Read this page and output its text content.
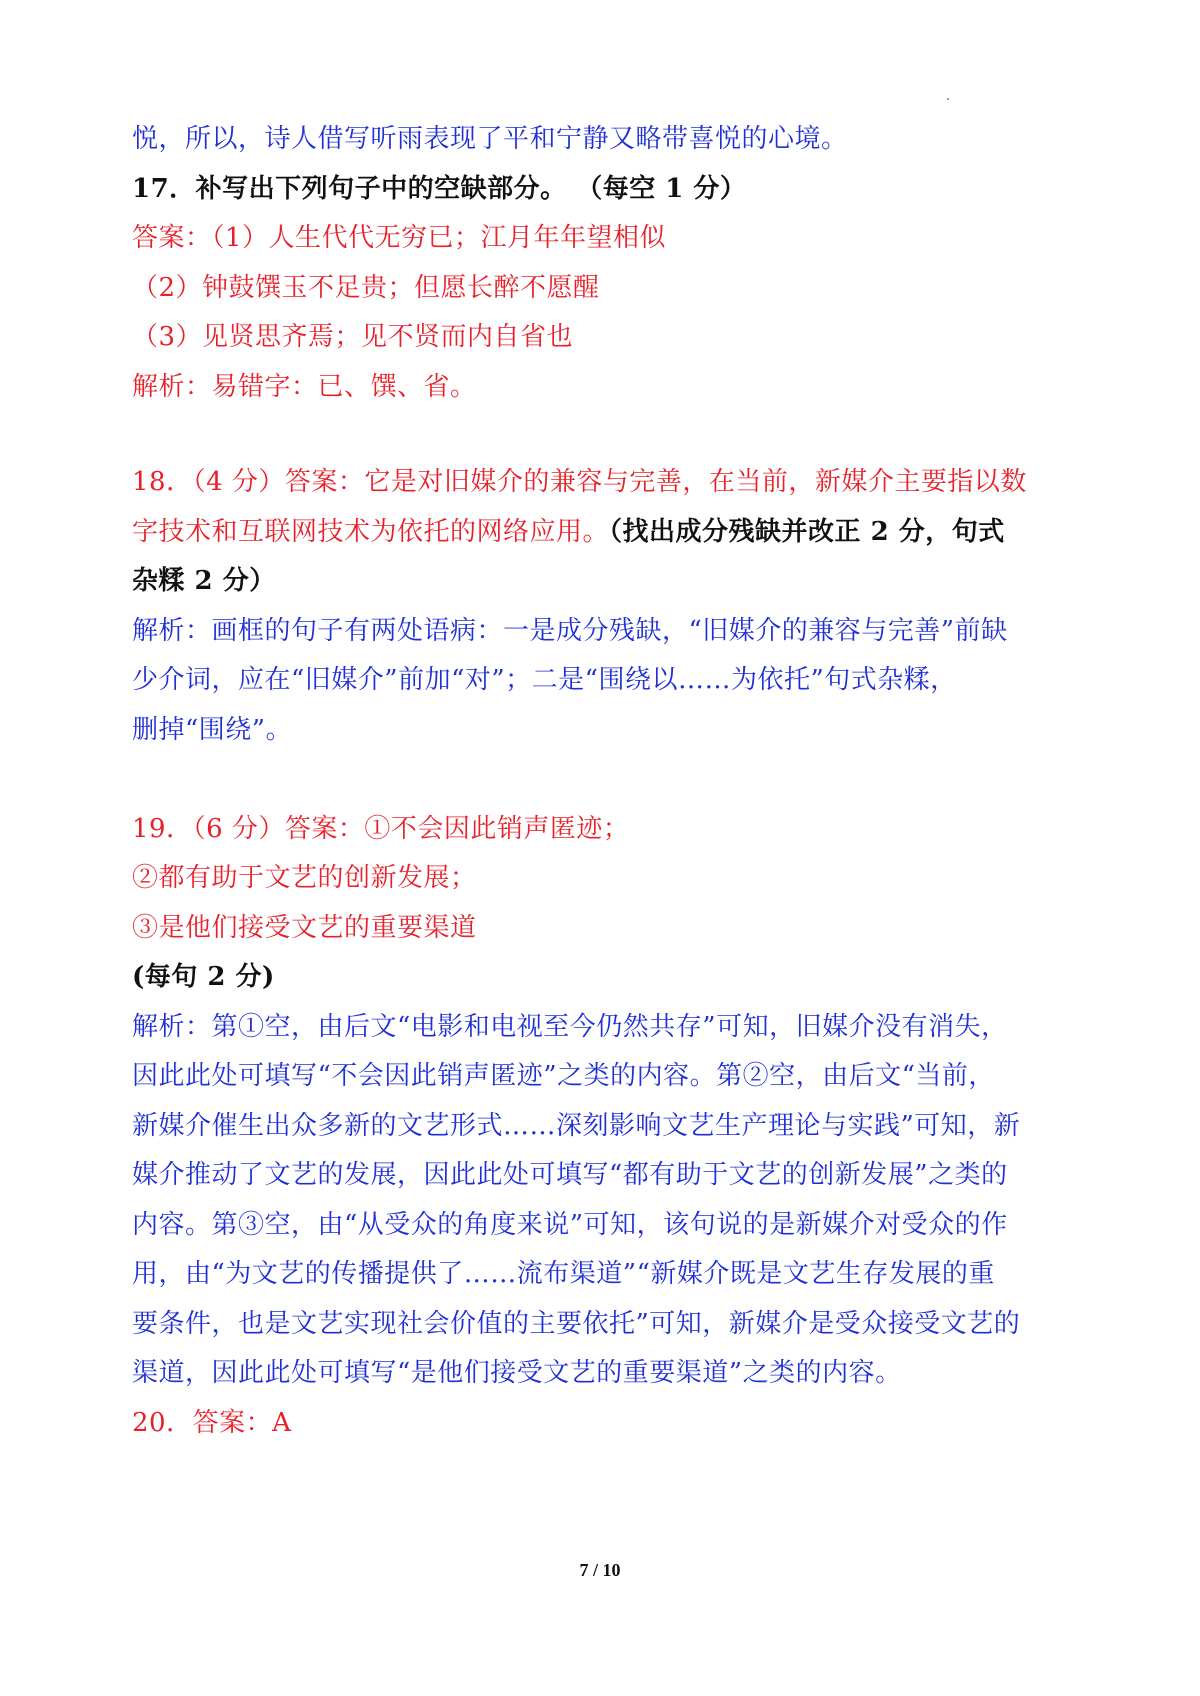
悦，所以，诗人借写听雨表现了平和宁静又略带喜悦的心境。
17．补写出下列句子中的空缺部分。 （每空 1 分）
答案：（1）人生代代无穷已；江月年年望相似
（2）钟鼓馔玉不足贵；但愿长醉不愿醒
（3）见贤思齐焉；见不贤而内自省也
解析：易错字：已、馔、省。
18．（4 分）答案：它是对旧媒介的兼容与完善，在当前，新媒介主要指以数
字技术和互联网技术为依托的网络应用。（找出成分残缺并改正 2 分，句式
杂糅 2 分）
解析：画框的句子有两处语病：一是成分残缺，“旧媒介的兼容与完善”前缺
少介词，应在“旧媒介”前加“对”；二是“围绕以……为依托”句式杂糅，
删掉“围绕”。
19．（6 分）答案：①不会因此销声匿迹；
②都有助于文艺的创新发展；
③是他们接受文艺的重要渠道
(每句 2 分)
解析：第①空，由后文“电影和电视至今仍然共存”可知，旧媒介没有消失，
因此此处可填写“不会因此销声匿迹”之类的内容。第②空，由后文“当前，
新媒介催生出众多新的文艺形式……深刻影响文艺生产理论与实践”可知，新
媒介推动了文艺的发展，因此此处可填写“都有助于文艺的创新发展”之类的
内容。第③空，由“从受众的角度来说”可知，该句说的是新媒介对受众的作
用，由“为文艺的传播提供了……流布渠道”“新媒介既是文艺生存发展的重
要条件，也是文艺实现社会价值的主要依托”可知，新媒介是受众接受文艺的
渠道，因此此处可填写“是他们接受文艺的重要渠道”之类的内容。
20．答案：A
7 / 10
